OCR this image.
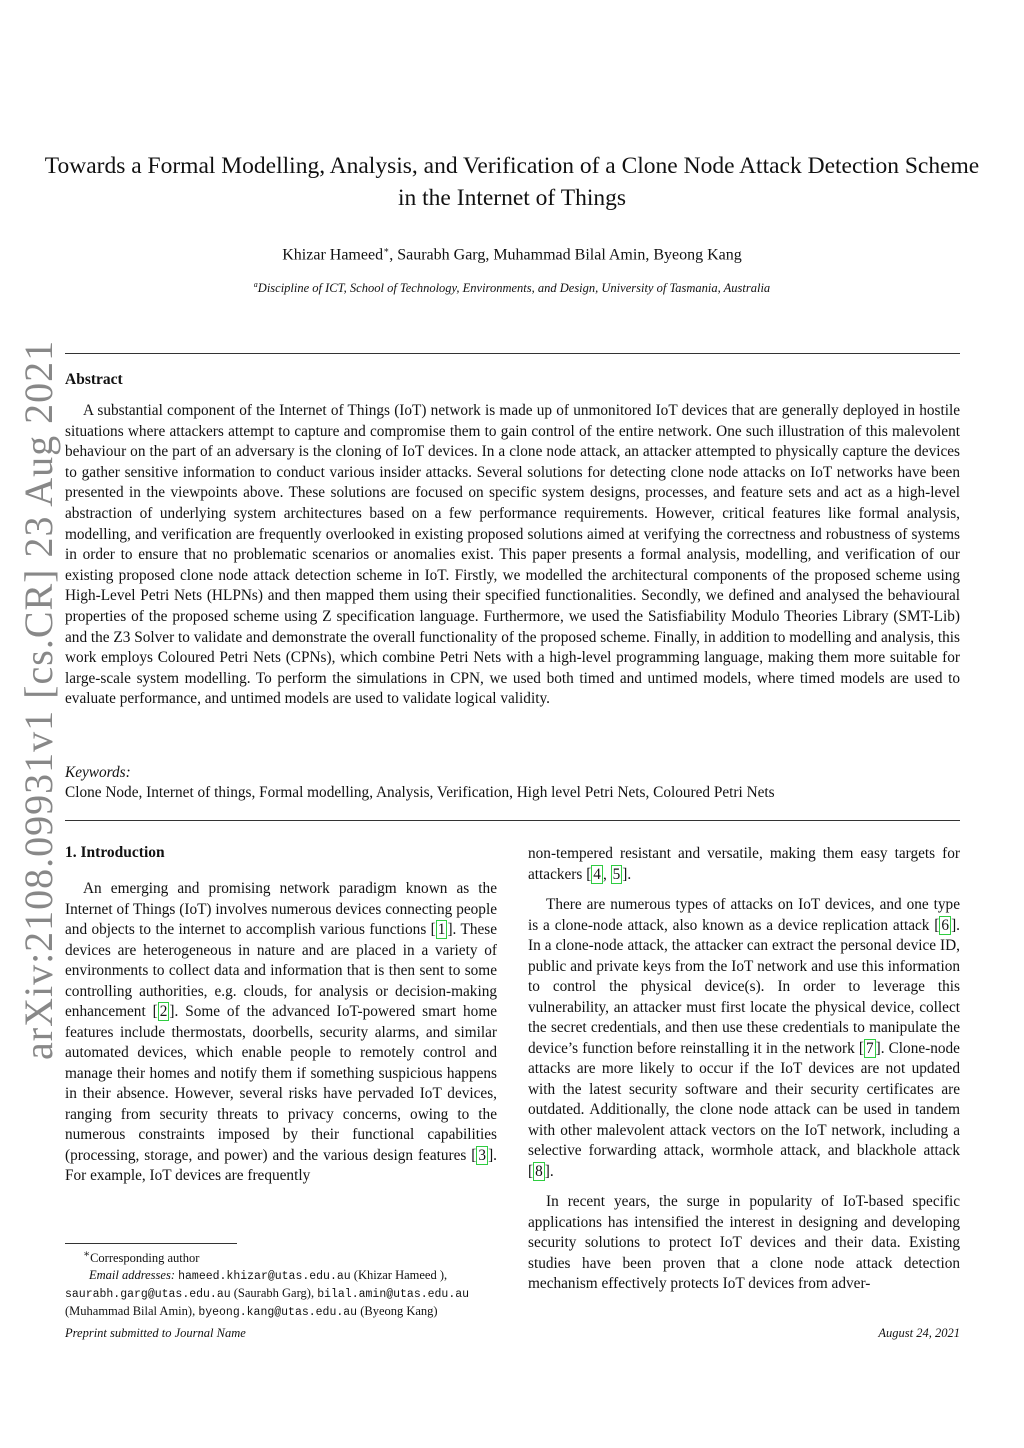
arXiv:2108.09931v1 [cs.CR] 23 Aug 2021
Towards a Formal Modelling, Analysis, and Verification of a Clone Node Attack Detection Scheme in the Internet of Things
Khizar Hameed∗, Saurabh Garg, Muhammad Bilal Amin, Byeong Kang
$^a$Discipline of ICT, School of Technology, Environments, and Design, University of Tasmania, Australia
Abstract
A substantial component of the Internet of Things (IoT) network is made up of unmonitored IoT devices that are generally deployed in hostile situations where attackers attempt to capture and compromise them to gain control of the entire network. One such illustration of this malevolent behaviour on the part of an adversary is the cloning of IoT devices. In a clone node attack, an attacker attempted to physically capture the devices to gather sensitive information to conduct various insider attacks. Several solutions for detecting clone node attacks on IoT networks have been presented in the viewpoints above. These solutions are focused on specific system designs, processes, and feature sets and act as a high-level abstraction of underlying system architectures based on a few performance requirements. However, critical features like formal analysis, modelling, and verification are frequently overlooked in existing proposed solutions aimed at verifying the correctness and robustness of systems in order to ensure that no problematic scenarios or anomalies exist. This paper presents a formal analysis, modelling, and verification of our existing proposed clone node attack detection scheme in IoT. Firstly, we modelled the architectural components of the proposed scheme using High-Level Petri Nets (HLPNs) and then mapped them using their specified functionalities. Secondly, we defined and analysed the behavioural properties of the proposed scheme using Z specification language. Furthermore, we used the Satisfiability Modulo Theories Library (SMT-Lib) and the Z3 Solver to validate and demonstrate the overall functionality of the proposed scheme. Finally, in addition to modelling and analysis, this work employs Coloured Petri Nets (CPNs), which combine Petri Nets with a high-level programming language, making them more suitable for large-scale system modelling. To perform the simulations in CPN, we used both timed and untimed models, where timed models are used to evaluate performance, and untimed models are used to validate logical validity.
Keywords:
Clone Node, Internet of things, Formal modelling, Analysis, Verification, High level Petri Nets, Coloured Petri Nets
1. Introduction

An emerging and promising network paradigm known as the Internet of Things (IoT) involves numerous devices connecting people and objects to the internet to accomplish various functions [ 1 ]. These devices are heterogeneous in nature and are placed in a variety of environments to collect data and information that is then sent to some controlling authorities, e.g. clouds, for analysis or decision-making enhancement [ 2 ]. Some of the advanced IoT-powered smart home features include thermostats, doorbells, security alarms, and similar automated devices, which enable people to remotely control and manage their homes and notify them if something suspicious happens in their absence. However, several risks have pervaded IoT devices, ranging from security threats to privacy concerns, owing to the numerous constraints imposed by their functional capabilities (processing, storage, and power) and the various design features [ 3 ]. For example, IoT devices are frequently

non-tempered resistant and versatile, making them easy targets for attackers [ 4 , 5 ].

There are numerous types of attacks on IoT devices, and one type is a clone-node attack, also known as a device replication attack [ 6 ]. In a clone-node attack, the attacker can extract the personal device ID, public and private keys from the IoT network and use this information to control the physical device(s). In order to leverage this vulnerability, an attacker must first locate the physical device, collect the secret credentials, and then use these credentials to manipulate the device’s function before reinstalling it in the network [ 7 ]. Clone-node attacks are more likely to occur if the IoT devices are not updated with the latest security software and their security certificates are outdated. Additionally, the clone node attack can be used in tandem with other malevolent attack vectors on the IoT network, including a selective forwarding attack, wormhole attack, and blackhole attack [ 8 ].

In recent years, the surge in popularity of IoT-based specific applications has intensified the interest in designing and developing security solutions to protect IoT devices and their data. Existing studies have been proven that a clone node attack detection mechanism effectively protects IoT devices from adver-

∗Corresponding author
Email addresses: hameed.khizar@utas.edu.au (Khizar Hameed ),
saurabh.garg@utas.edu.au (Saurabh Garg), bilal.amin@utas.edu.au
(Muhammad Bilal Amin), byeong.kang@utas.edu.au (Byeong Kang)
Preprint submitted to Journal Name	August 24, 2021
